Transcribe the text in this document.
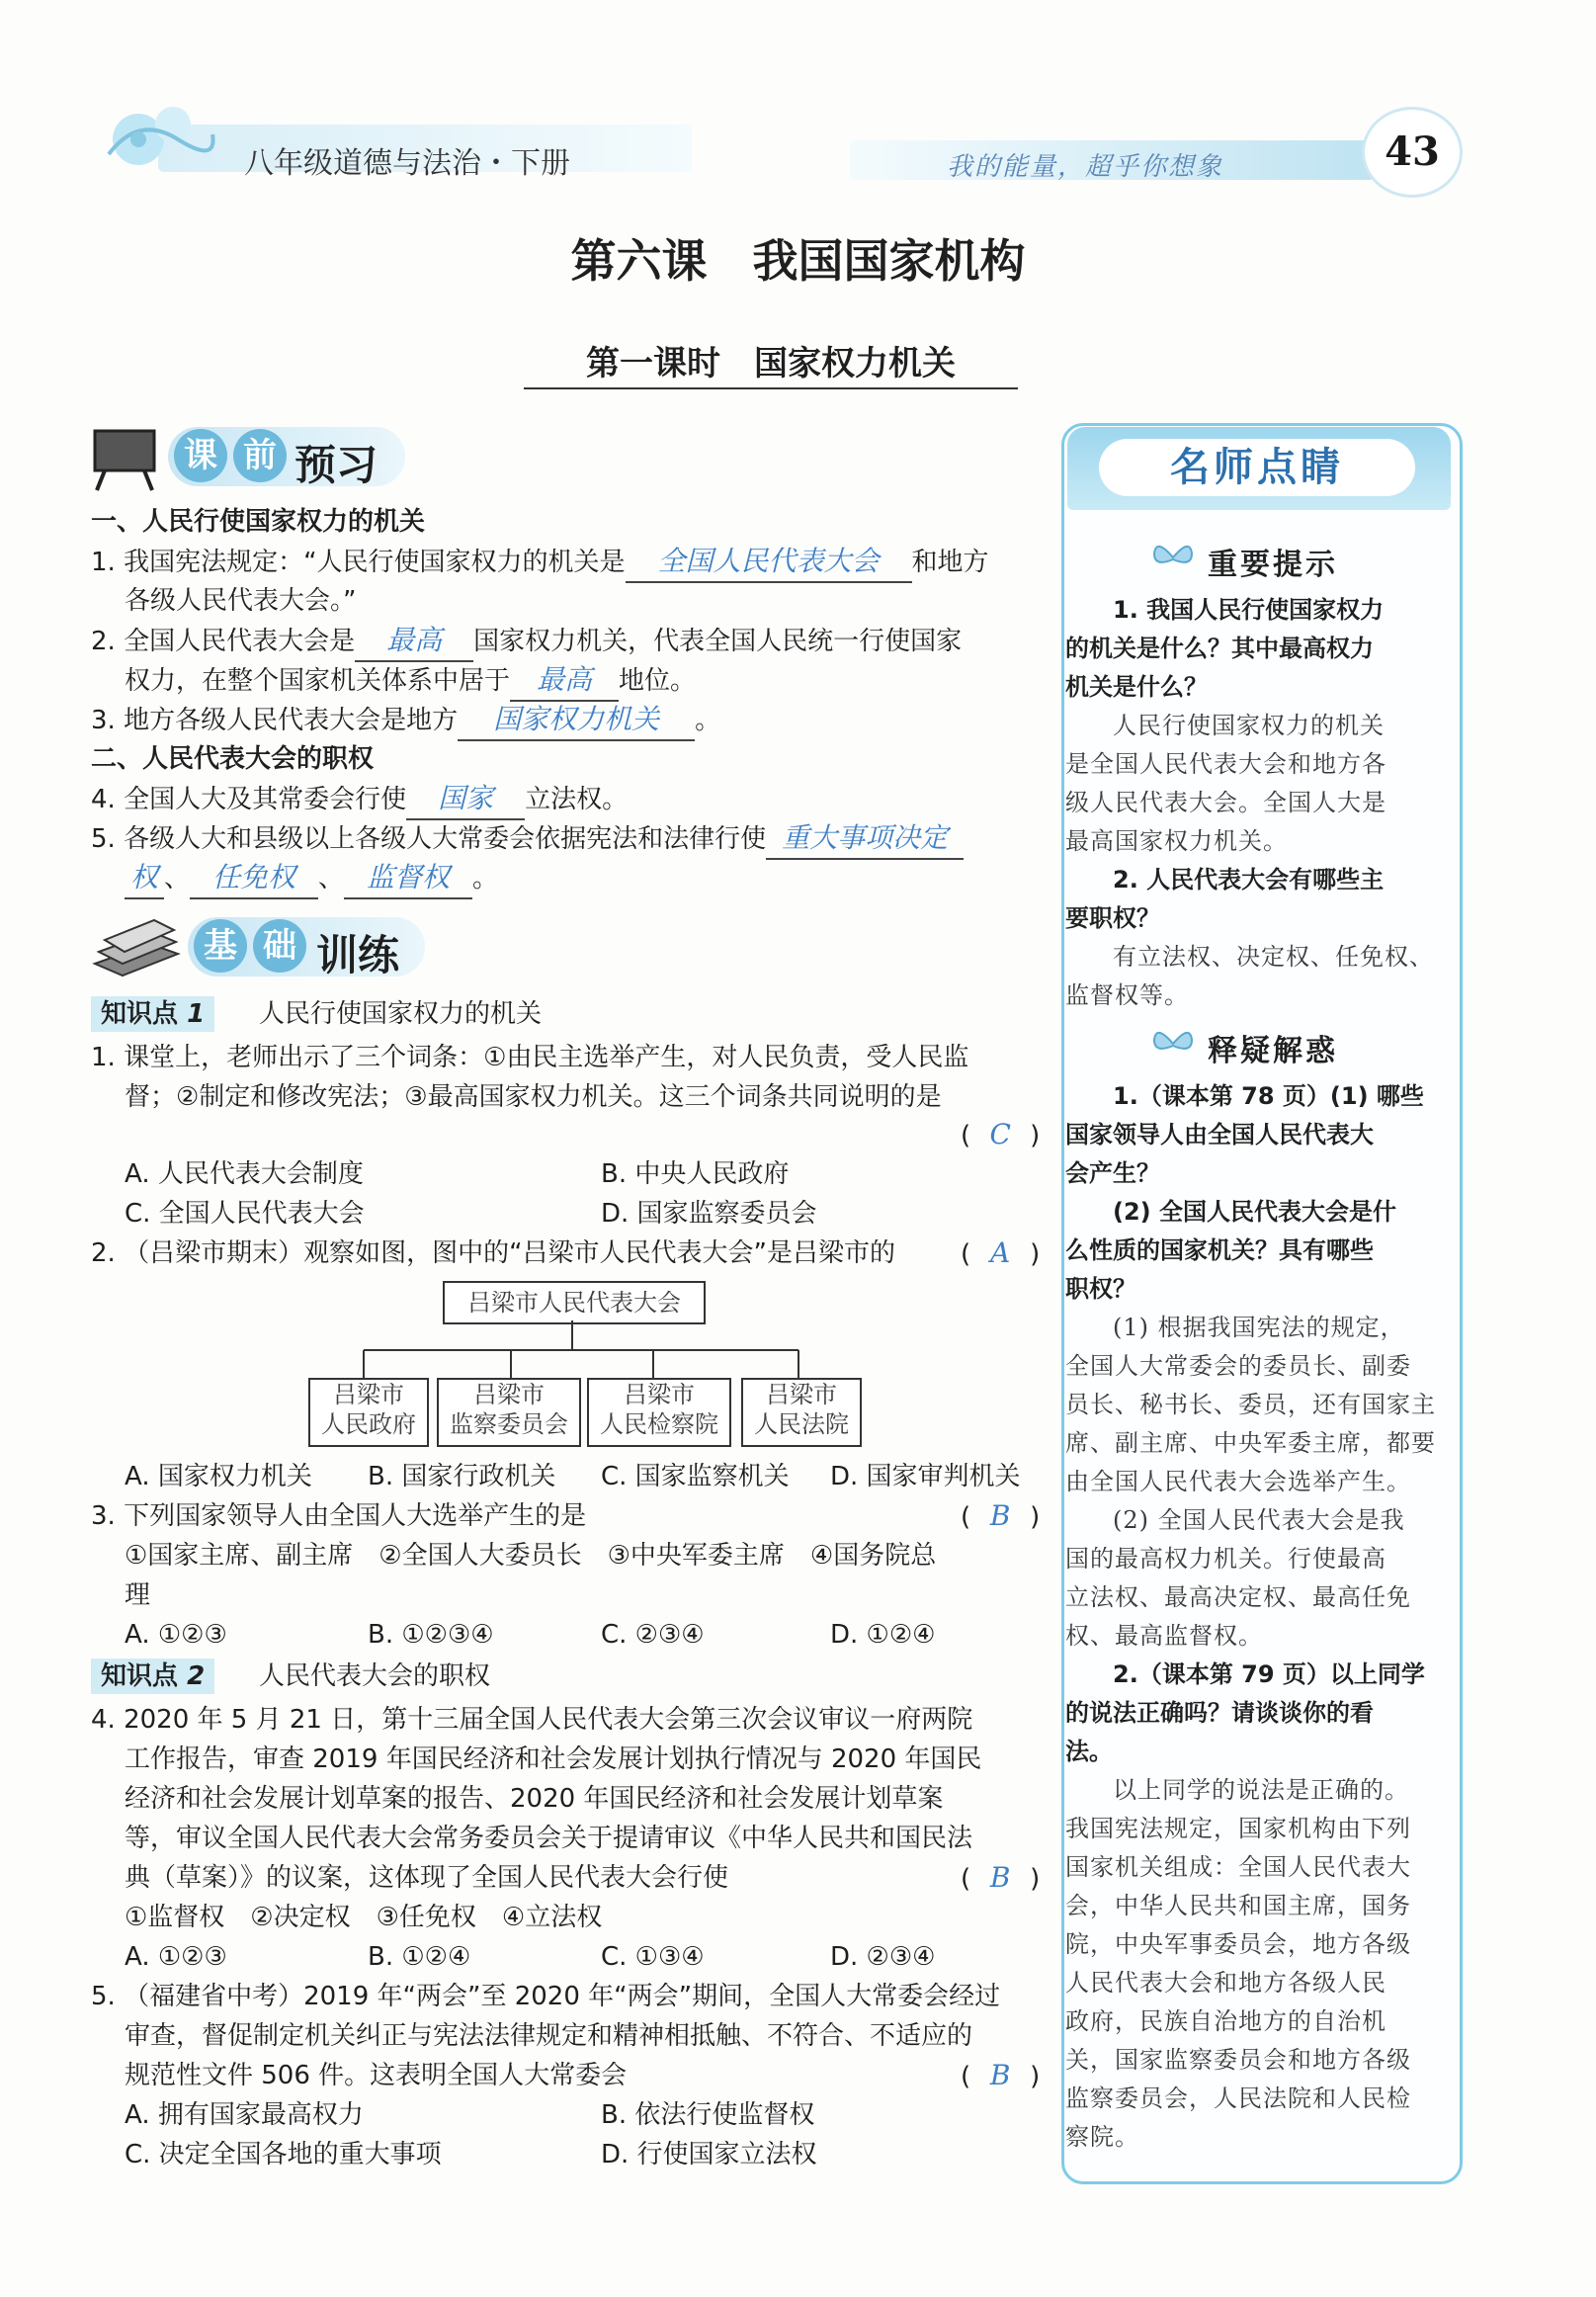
八年级道德与法治・下册	我的能量，超乎你想象	43
第六课　我国国家机构
第一课时　国家权力机关
课 前 预习
一、人民行使国家权力的机关
1. 我国宪法规定：“人民行使国家权力的机关是 全国人民代表大会 和地方
各级人民代表大会。”
2. 全国人民代表大会是 最高 国家权力机关，代表全国人民统一行使国家
权力，在整个国家机关体系中居于 最高 地位。
3. 地方各级人民代表大会是地方 国家权力机关 。
二、人民代表大会的职权
4. 全国人大及其常委会行使 国家 立法权。
5. 各级人大和县级以上各级人大常委会依据宪法和法律行使 重大事项决定
权 、 任免权 、 监督权 。
基 础 训练
知识点 1	人民行使国家权力的机关
1. 课堂上，老师出示了三个词条：①由民主选举产生，对人民负责，受人民监
督；②制定和修改宪法；③最高国家权力机关。这三个词条共同说明的是
( C )
A. 人民代表大会制度	B. 中央人民政府
C. 全国人民代表大会	D. 国家监察委员会
2. （吕梁市期末）观察如图，图中的“吕梁市人民代表大会”是吕梁市的	( A )
吕梁市人民代表大会
吕梁市
人民政府
吕梁市
监察委员会
吕梁市
人民检察院
吕梁市
人民法院
A. 国家权力机关 B. 国家行政机关 C. 国家监察机关 D. 国家审判机关
3. 下列国家领导人由全国人大选举产生的是	( B )
①国家主席、副主席　②全国人大委员长　③中央军委主席　④国务院总
理
A. ①②③	B. ①②③④	C. ②③④	D. ①②④
知识点 2	人民代表大会的职权
4. 2020 年 5 月 21 日，第十三届全国人民代表大会第三次会议审议一府两院
工作报告，审查 2019 年国民经济和社会发展计划执行情况与 2020 年国民
经济和社会发展计划草案的报告、2020 年国民经济和社会发展计划草案
等，审议全国人民代表大会常务委员会关于提请审议《中华人民共和国民法
典（草案）》的议案，这体现了全国人民代表大会行使	( B )
①监督权　②决定权　③任免权　④立法权
A. ①②③	B. ①②④	C. ①③④	D. ②③④
5. （福建省中考）2019 年“两会”至 2020 年“两会”期间，全国人大常委会经过
审查，督促制定机关纠正与宪法法律规定和精神相抵触、不符合、不适应的
规范性文件 506 件。这表明全国人大常委会	( B )
A. 拥有国家最高权力	B. 依法行使监督权
C. 决定全国各地的重大事项	D. 行使国家立法权
名师点睛
重要提示
1. 我国人民行使国家权力
的机关是什么？其中最高权力
机关是什么？
人民行使国家权力的机关
是全国人民代表大会和地方各
级人民代表大会。全国人大是
最高国家权力机关。
2. 人民代表大会有哪些主
要职权？
有立法权、决定权、任免权、
监督权等。
释疑解惑
1.（课本第 78 页）(1) 哪些
国家领导人由全国人民代表大
会产生？
(2) 全国人民代表大会是什
么性质的国家机关？具有哪些
职权？
(1) 根据我国宪法的规定，
全国人大常委会的委员长、副委
员长、秘书长、委员，还有国家主
席、副主席、中央军委主席，都要
由全国人民代表大会选举产生。
(2) 全国人民代表大会是我
国的最高权力机关。行使最高
立法权、最高决定权、最高任免
权、最高监督权。
2.（课本第 79 页）以上同学
的说法正确吗？请谈谈你的看
法。
以上同学的说法是正确的。
我国宪法规定，国家机构由下列
国家机关组成：全国人民代表大
会，中华人民共和国主席，国务
院，中央军事委员会，地方各级
人民代表大会和地方各级人民
政府，民族自治地方的自治机
关，国家监察委员会和地方各级
监察委员会，人民法院和人民检
察院。
